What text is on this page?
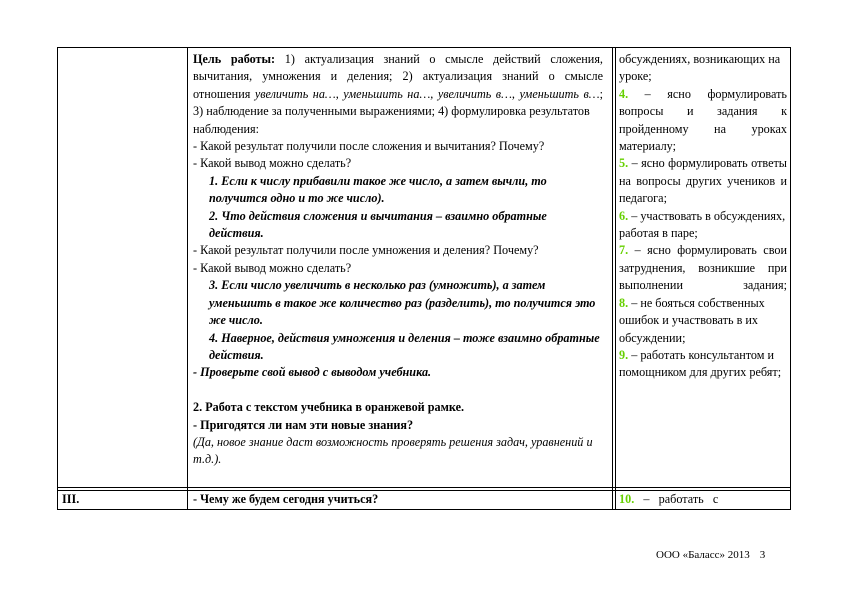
Цель работы: 1) актуализация знаний о смысле действий сложения, вычитания, умножения и деления; 2) актуализация знаний о смысле отношения увеличить на…, уменьшить на…, увеличить в…, уменьшить в…;

3) наблюдение за полученными выражениями; 4) формулировка результатов наблюдения:

- Какой результат получили после сложения и вычитания? Почему?

- Какой вывод можно сделать?

1. Если к числу прибавили такое же число, а затем вычли, то получится одно и то же число).

2. Что действия сложения и вычитания – взаимно обратные действия.

- Какой результат получили после умножения и деления? Почему?

- Какой вывод можно сделать?

3. Если число увеличить в несколько раз (умножить), а затем уменьшить в такое же количество раз (разделить), то получится это же число.

4. Наверное, действия умножения и деления – тоже взаимно обратные действия.

- Проверьте свой вывод с выводом учебника.

2. Работа с текстом учебника в оранжевой рамке.

- Пригодятся ли нам эти новые знания?

(Да, новое знание даст возможность проверять решения задач, уравнений и т.д.).

обсуждениях, возникающих на уроке;

4. – ясно формулировать вопросы и задания к пройденному на уроках материалу;

5. – ясно формулировать ответы на вопросы других учеников и педагога;

6. – участвовать в обсуждениях, работая в паре;

7. – ясно формулировать свои затруднения, возникшие при выполнении задания;

8. – не бояться собственных ошибок и участвовать в их обсуждении;

9. – работать консультантом и помощником для других ребят;

III.	- Чему же будем сегодня учиться?	10.   –   работать   с
ООО «Баласс» 2013 3
